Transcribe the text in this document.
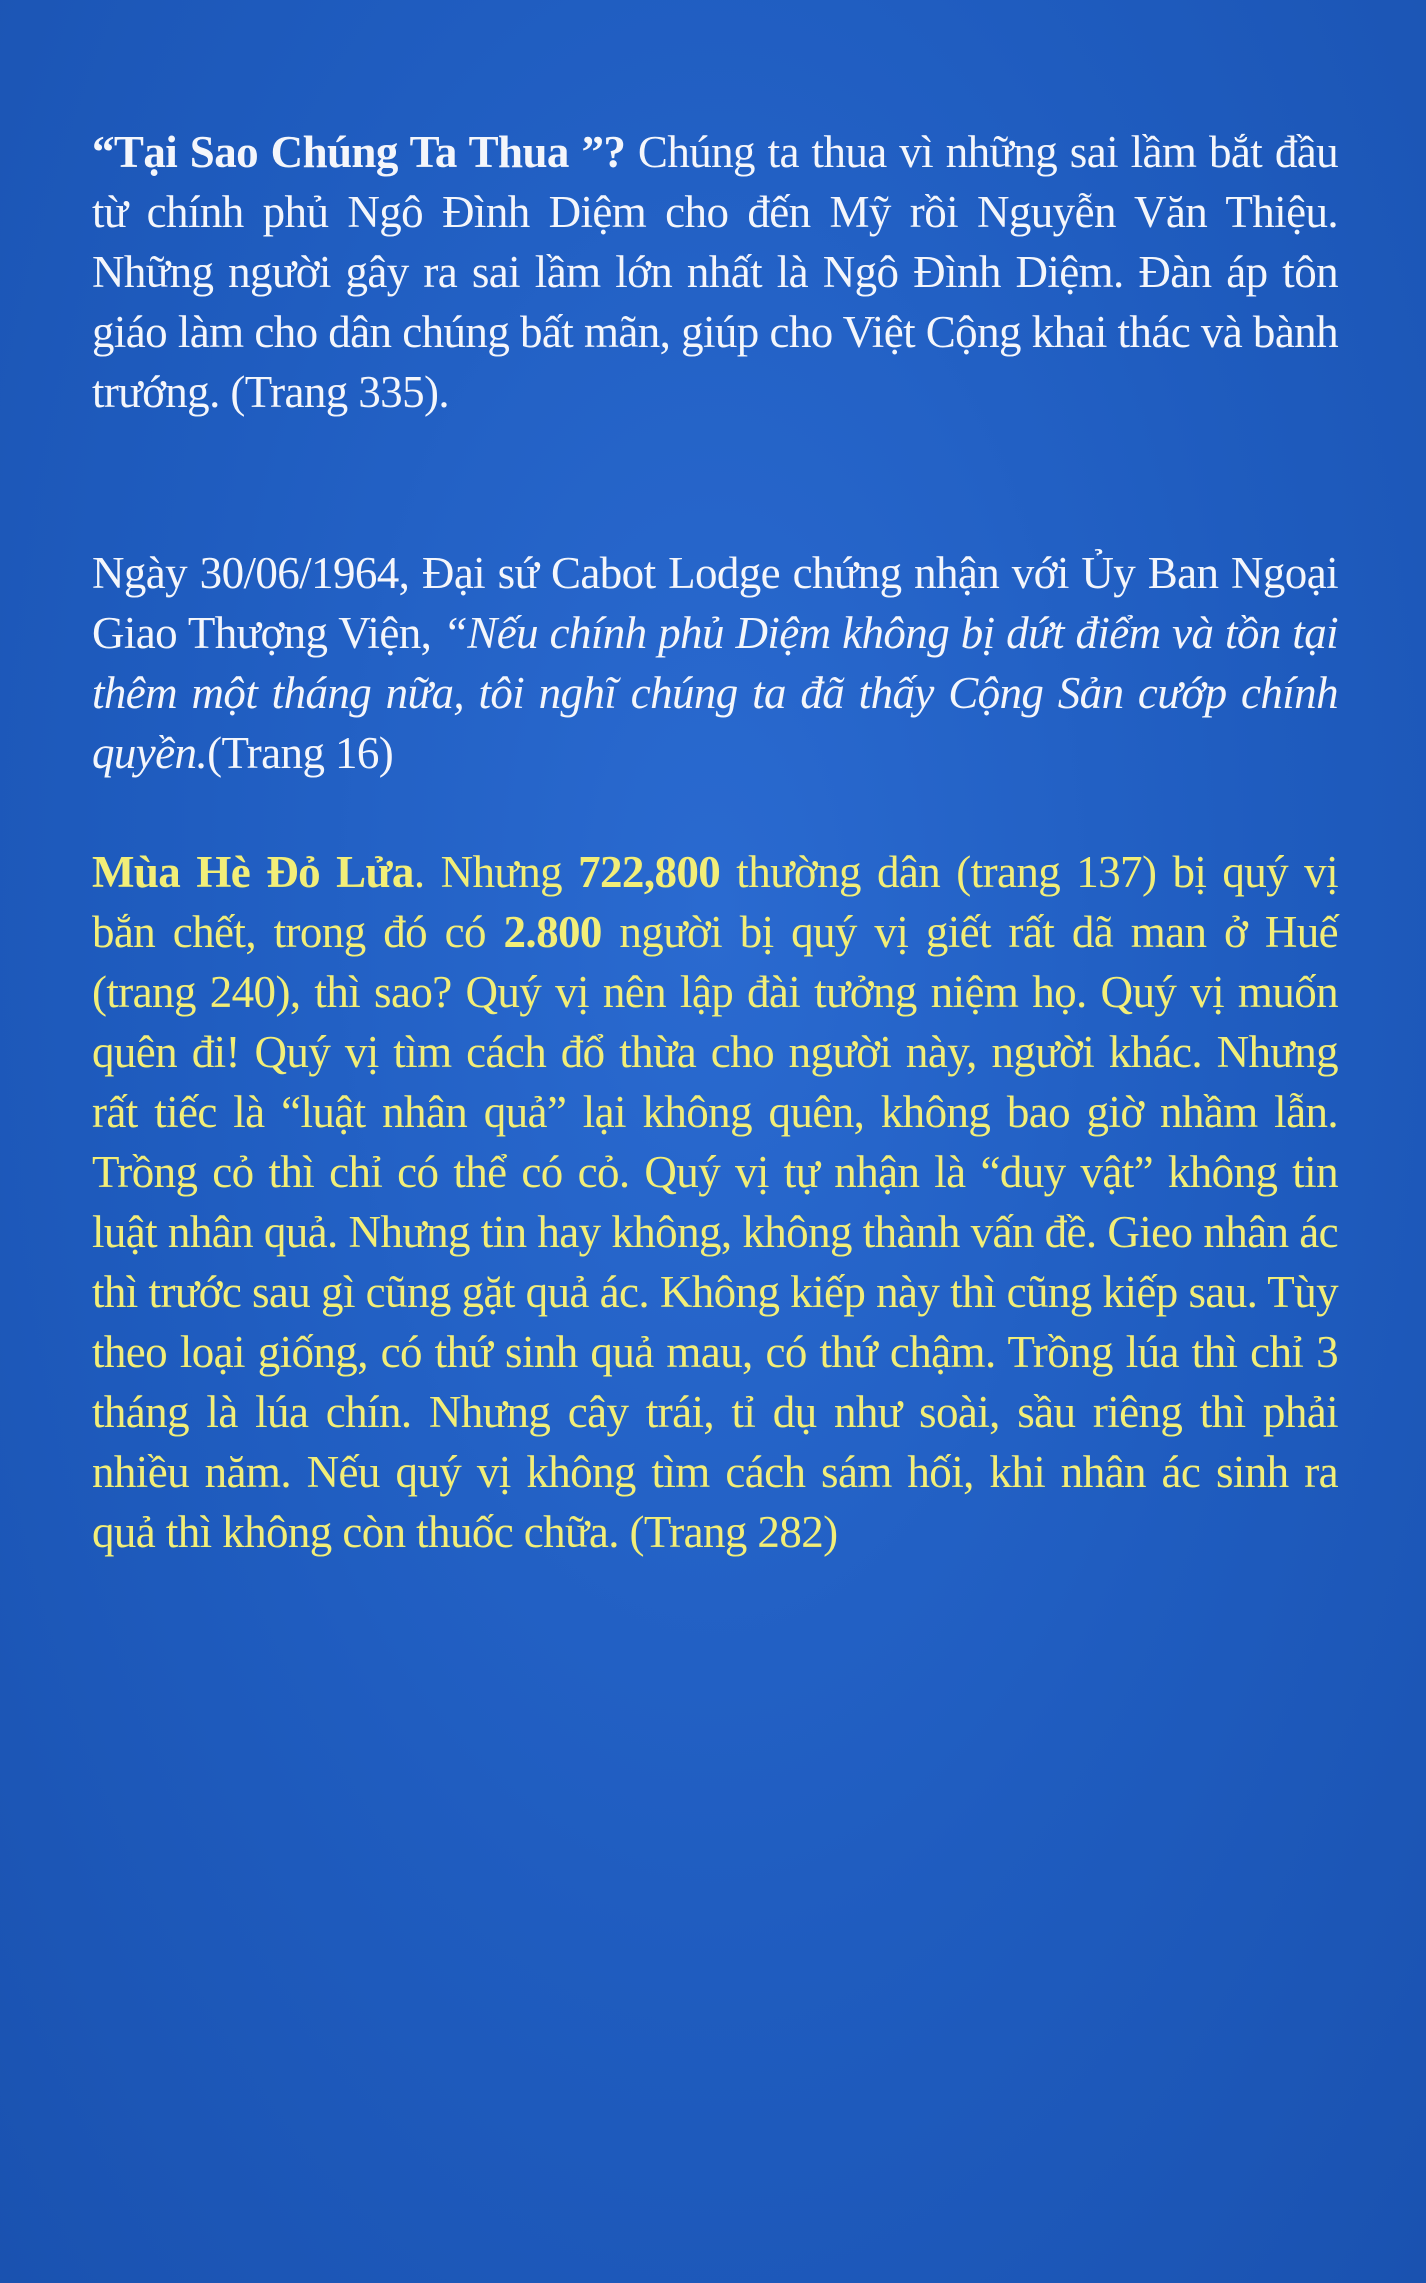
“Tại Sao Chúng Ta Thua ”? Chúng ta thua vì những sai lầm bắt đầu từ chính phủ Ngô Đình Diệm cho đến Mỹ rồi Nguyễn Văn Thiệu. Những người gây ra sai lầm lớn nhất là Ngô Đình Diệm. Đàn áp tôn giáo làm cho dân chúng bất mãn, giúp cho Việt Cộng khai thác và bành trướng. (Trang 335).
Ngày 30/06/1964, Đại sứ Cabot Lodge chứng nhận với Ủy Ban Ngoại Giao Thượng Viện, “Nếu chính phủ Diệm không bị dứt điểm và tồn tại thêm một tháng nữa, tôi nghĩ chúng ta đã thấy Cộng Sản cướp chính quyền.(Trang 16)
Mùa Hè Đỏ Lửa. Nhưng 722,800 thường dân (trang 137) bị quý vị bắn chết, trong đó có 2.800 người bị quý vị giết rất dã man ở Huế (trang 240), thì sao? Quý vị nên lập đài tưởng niệm họ. Quý vị muốn quên đi! Quý vị tìm cách đổ thừa cho người này, người khác. Nhưng rất tiếc là “luật nhân quả” lại không quên, không bao giờ nhầm lẫn. Trồng cỏ thì chỉ có thể có cỏ. Quý vị tự nhận là “duy vật” không tin luật nhân quả. Nhưng tin hay không, không thành vấn đề. Gieo nhân ác thì trước sau gì cũng gặt quả ác. Không kiếp này thì cũng kiếp sau. Tùy theo loại giống, có thứ sinh quả mau, có thứ chậm. Trồng lúa thì chỉ 3 tháng là lúa chín. Nhưng cây trái, tỉ dụ như soài, sầu riêng thì phải nhiều năm. Nếu quý vị không tìm cách sám hối, khi nhân ác sinh ra quả thì không còn thuốc chữa. (Trang 282)
